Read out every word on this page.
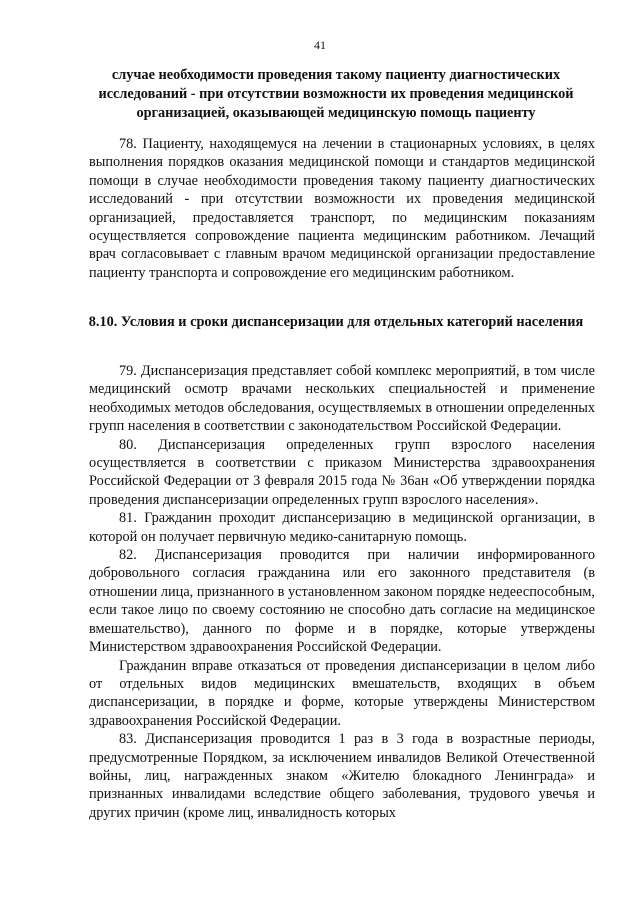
41
случае необходимости проведения такому пациенту диагностических исследований - при отсутствии возможности их проведения медицинской организацией, оказывающей медицинскую помощь пациенту

78. Пациенту, находящемуся на лечении в стационарных условиях, в целях выполнения порядков оказания медицинской помощи и стандартов медицинской помощи в случае необходимости проведения такому пациенту диагностических исследований - при отсутствии возможности их проведения медицинской организацией, предоставляется транспорт, по медицинским показаниям осуществляется сопровождение пациента медицинским работником. Лечащий врач согласовывает с главным врачом медицинской организации предоставление пациенту транспорта и сопровождение его медицинским работником.

8.10. Условия и сроки диспансеризации для отдельных категорий населения

79. Диспансеризация представляет собой комплекс мероприятий, в том числе медицинский осмотр врачами нескольких специальностей и применение необходимых методов обследования, осуществляемых в отношении определенных групп населения в соответствии с законодательством Российской Федерации.

80. Диспансеризация определенных групп взрослого населения осуществляется в соответствии с приказом Министерства здравоохранения Российской Федерации от 3 февраля 2015 года № 36ан «Об утверждении порядка проведения диспансеризации определенных групп взрослого населения».

81. Гражданин проходит диспансеризацию в медицинской организации, в которой он получает первичную медико-санитарную помощь.

82. Диспансеризация проводится при наличии информированного добровольного согласия гражданина или его законного представителя (в отношении лица, признанного в установленном законом порядке недееспособным, если такое лицо по своему состоянию не способно дать согласие на медицинское вмешательство), данного по форме и в порядке, которые утверждены Министерством здравоохранения Российской Федерации.

Гражданин вправе отказаться от проведения диспансеризации в целом либо от отдельных видов медицинских вмешательств, входящих в объем диспансеризации, в порядке и форме, которые утверждены Министерством здравоохранения Российской Федерации.

83. Диспансеризация проводится 1 раз в 3 года в возрастные периоды, предусмотренные Порядком, за исключением инвалидов Великой Отечественной войны, лиц, награжденных знаком «Жителю блокадного Ленинграда» и признанных инвалидами вследствие общего заболевания, трудового увечья и других причин (кроме лиц, инвалидность которых
